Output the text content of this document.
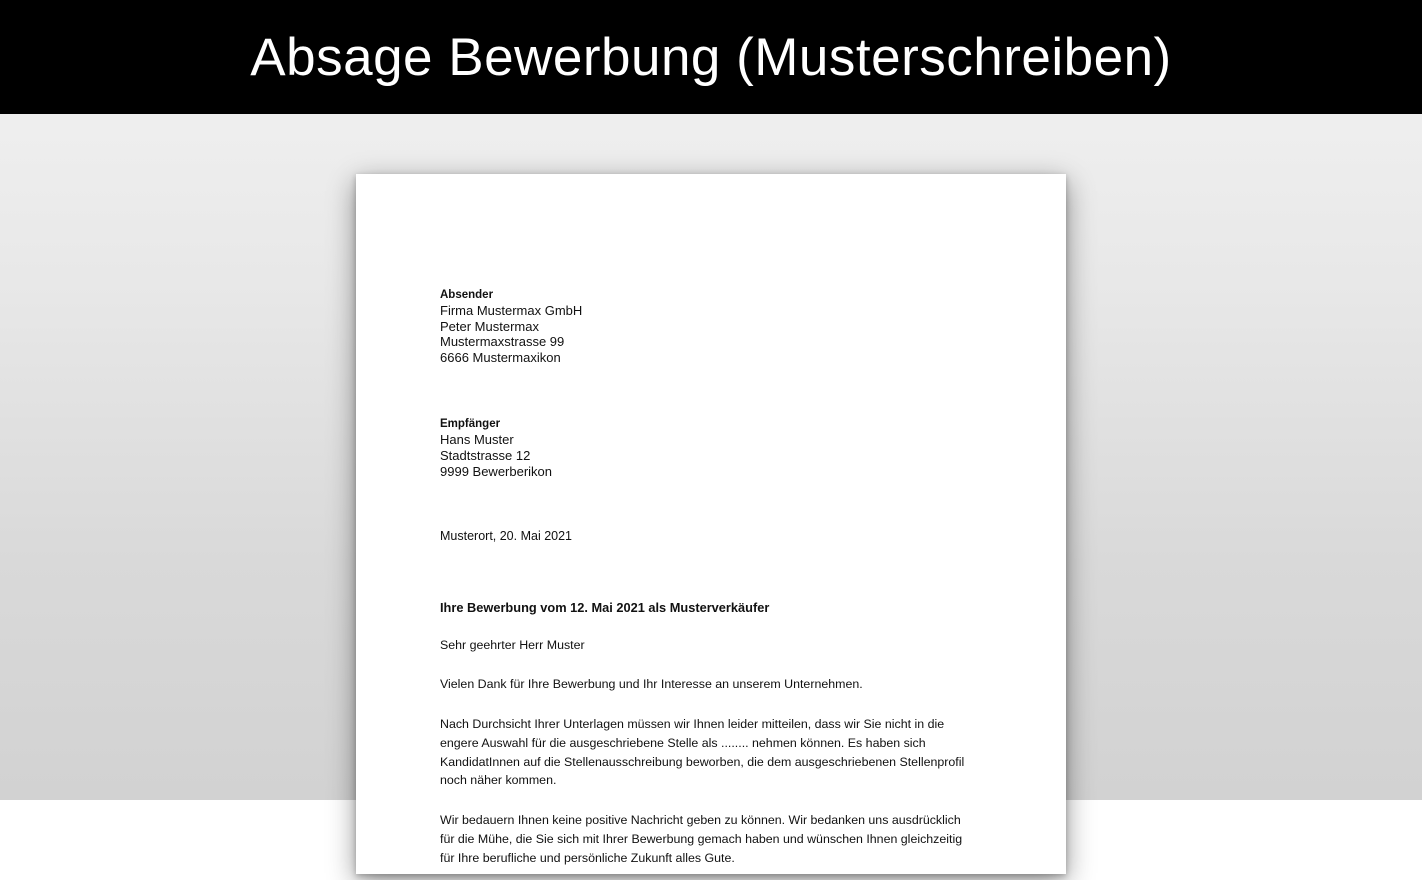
Absage Bewerbung (Musterschreiben)

Absender

Firma Mustermax GmbH

Peter Mustermax

Mustermaxstrasse 99

6666 Mustermaxikon

Empfänger

Hans Muster

Stadtstrasse 12

9999 Bewerberikon

Musterort, 20. Mai 2021

Ihre Bewerbung vom 12. Mai 2021 als Musterverkäufer

Sehr geehrter Herr Muster

Vielen Dank für Ihre Bewerbung und Ihr Interesse an unserem Unternehmen.

Nach Durchsicht Ihrer Unterlagen müssen wir Ihnen leider mitteilen, dass wir Sie nicht in die engere Auswahl für die ausgeschriebene Stelle als ........ nehmen können. Es haben sich KandidatInnen auf die Stellenausschreibung beworben, die dem ausgeschriebenen Stellenprofil noch näher kommen.

Wir bedauern Ihnen keine positive Nachricht geben zu können. Wir bedanken uns ausdrücklich für die Mühe, die Sie sich mit Ihrer Bewerbung gemach haben und wünschen Ihnen gleichzeitig für Ihre berufliche und persönliche Zukunft alles Gute.
